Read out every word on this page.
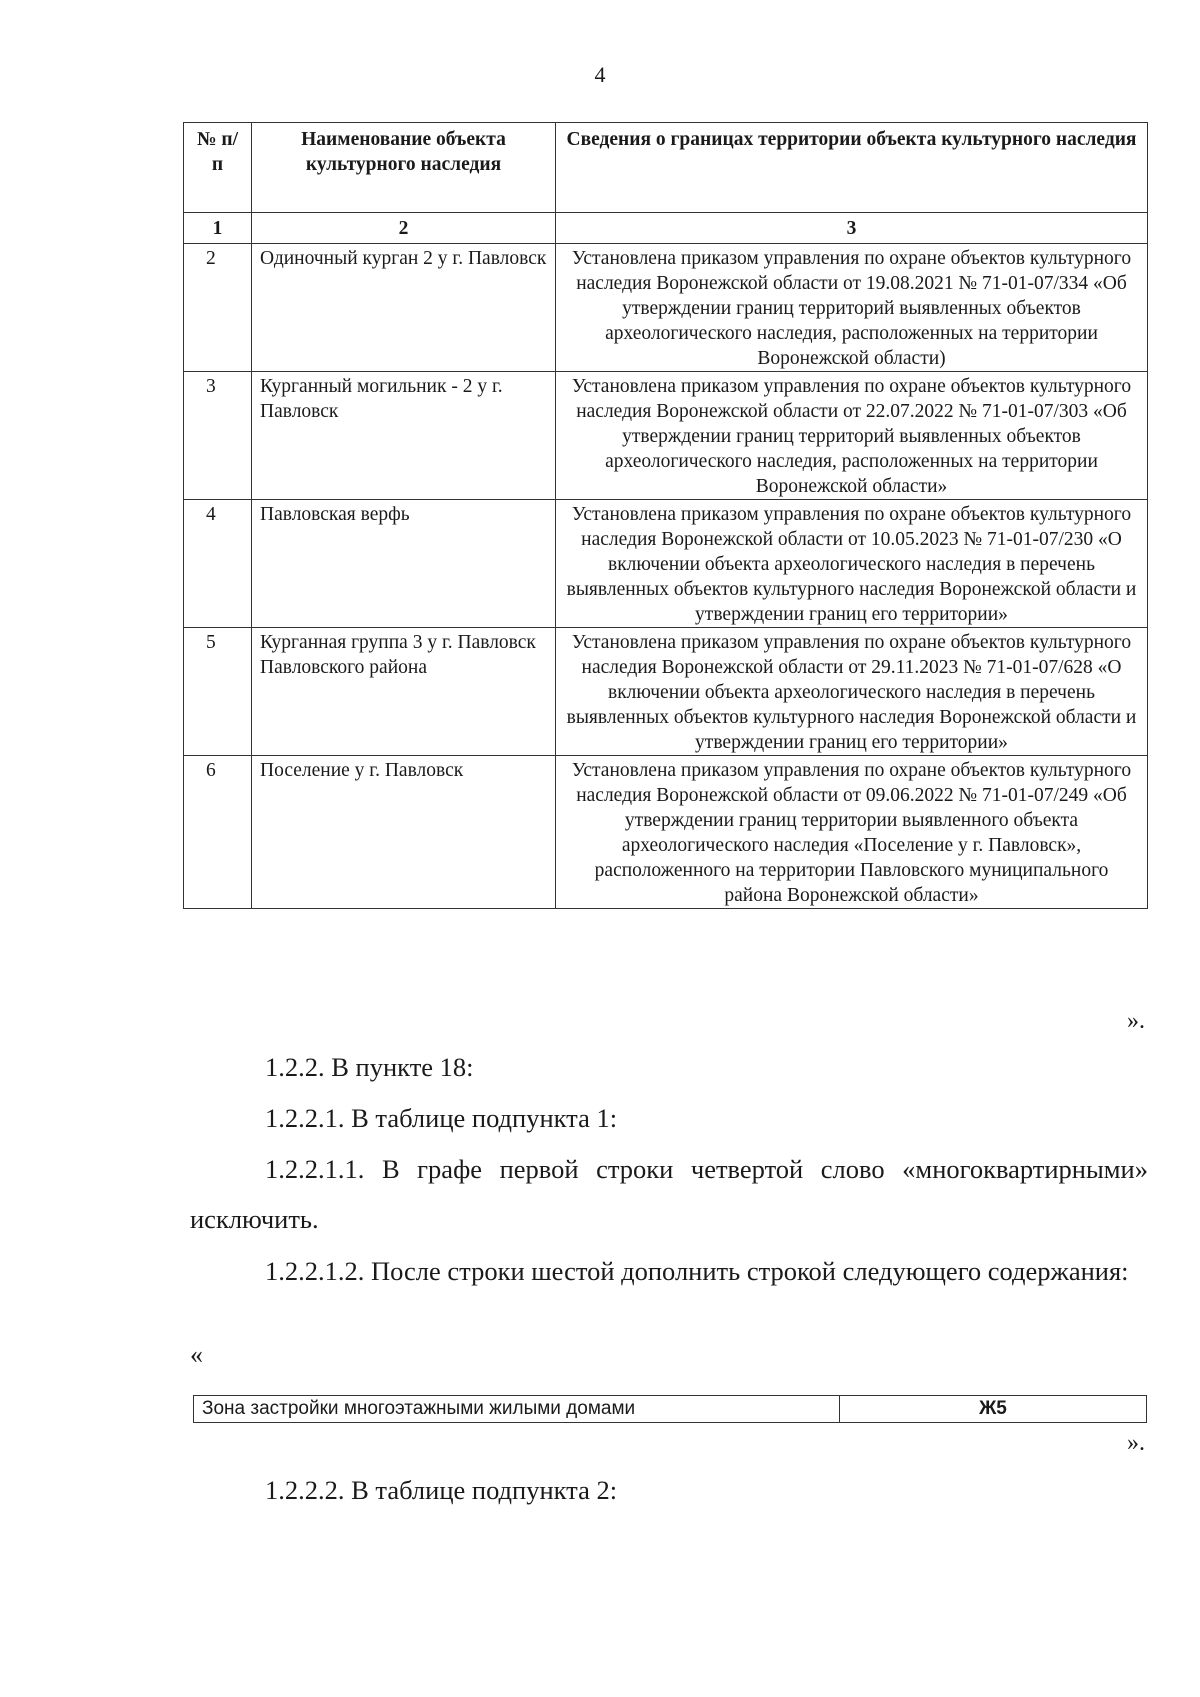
4
№ п/п	Наименование объекта культурного наследия	Сведения о границах территории объекта культурного наследия
1	2	3
2	Одиночный курган 2 у г. Павловск	Установлена приказом управления по охране объектов культурного наследия Воронежской области от 19.08.2021 № 71-01-07/334 «Об утверждении границ территорий выявленных объектов археологического наследия, расположенных на территории Воронежской области)
3	Курганный могильник - 2 у г. Павловск	Установлена приказом управления по охране объектов культурного наследия Воронежской области от 22.07.2022 № 71-01-07/303 «Об утверждении границ территорий выявленных объектов археологического наследия, расположенных на территории Воронежской области»
4	Павловская верфь	Установлена приказом управления по охране объектов культурного наследия Воронежской области от 10.05.2023 № 71-01-07/230 «О включении объекта археологического наследия в перечень выявленных объектов культурного наследия Воронежской области и утверждении границ его территории»
5	Курганная группа 3 у г. Павловск Павловского района	Установлена приказом управления по охране объектов культурного наследия Воронежской области от 29.11.2023 № 71-01-07/628 «О включении объекта археологического наследия в перечень выявленных объектов культурного наследия Воронежской области и утверждении границ его территории»
6	Поселение у г. Павловск	Установлена приказом управления по охране объектов культурного наследия Воронежской области от 09.06.2022 № 71-01-07/249 «Об утверждении границ территории выявленного объекта археологического наследия «Поселение у г. Павловск», расположенного на территории Павловского муниципального района Воронежской области»
».
1.2.2. В пункте 18:
1.2.2.1. В таблице подпункта 1:
1.2.2.1.1. В графе первой строки четвертой слово «многоквартирными» исключить.
1.2.2.1.2. После строки шестой дополнить строкой следующего содержания:
«
Зона застройки многоэтажными жилыми домами	Ж5
».
1.2.2.2. В таблице подпункта 2:
